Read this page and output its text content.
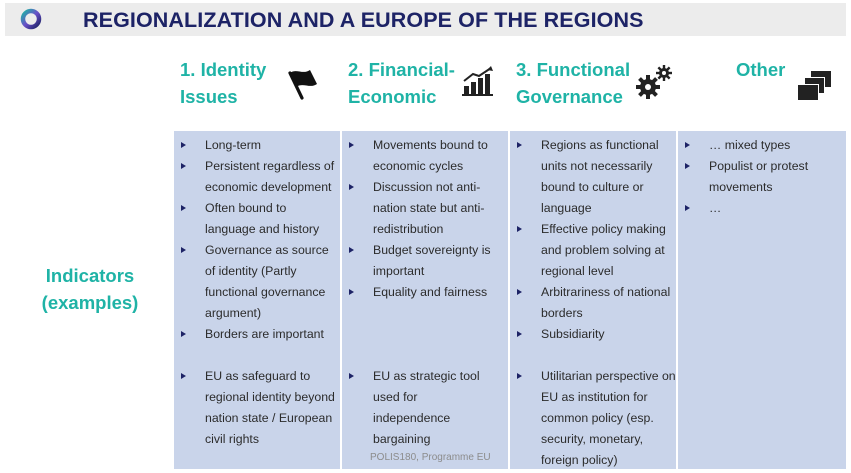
REGIONALIZATION AND A EUROPE OF THE REGIONS
1. Identity
Issues
2. Financial-
Economic
3. Functional
Governance
Other
Indicators (examples)
Long-term
Persistent regardless of economic development
Often bound to language and history
Governance as source of identity (Partly functional governance argument)
Borders are important
EU as safeguard to regional identity beyond nation state / European civil rights
Movements bound to economic cycles
Discussion not anti-nation state but anti-redistribution
Budget sovereignty is important
Equality and fairness
EU as strategic tool used for independence bargaining
Regions as functional units not necessarily bound to culture or language
Effective policy making and problem solving at regional level
Arbitrariness of national borders
Subsidiarity
Utilitarian perspective on EU as institution for common policy (esp. security, monetary, foreign policy)
… mixed types
Populist or protest movements
…
POLIS180, Programme EU
